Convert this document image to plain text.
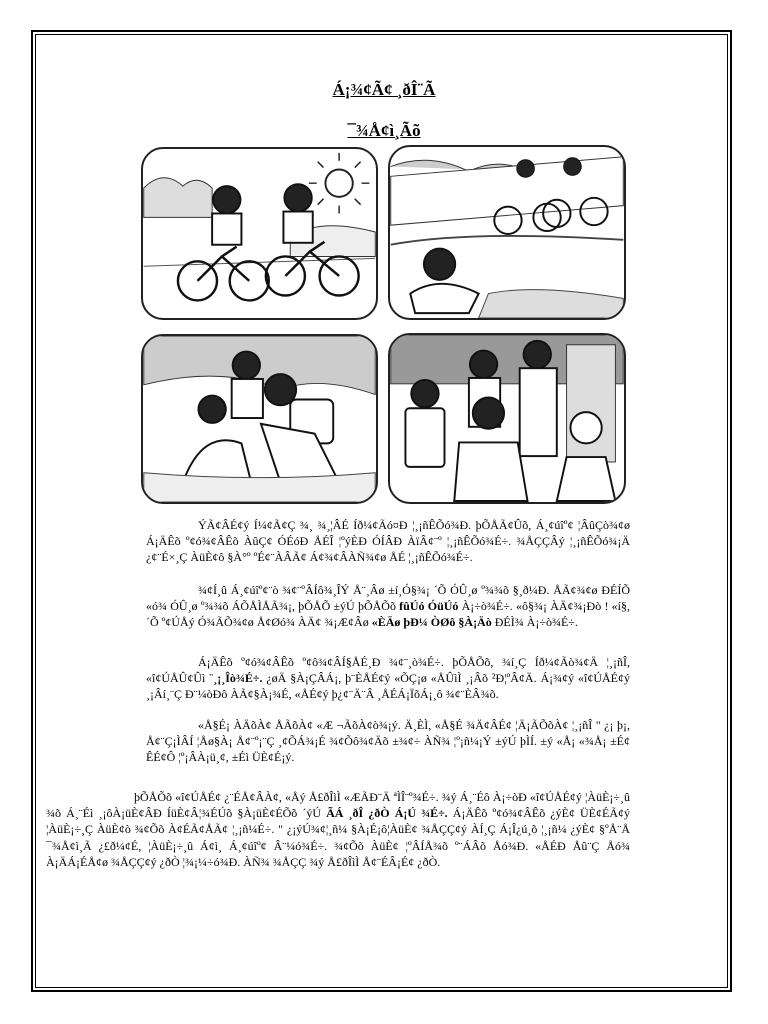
Á¡¾¢Ã¢ ¸ðÎ¨Ã
¯¾Å¢ì¸Ãõ

ÝÃ¢ÂÉ¢ý Í¼¢Ã¢Ç ¾¸ ¾¸¦ÂÉ Íð¼¢Ãó¤Ð ¦¸¡ñÊÕó¾Ð. þÕÅÃ¢Ûõ, Á¸¢úîº¢ ¦ÂûÇò¾¢ø Á¡ÄÊõ º¢ó¾¢ÂÊõ ÀûÇ¢ ÓÉóÐ ÅÉÎ ¦ºýÈÐ ÓÍÂÐ ÀïÂ¢¨º ¦¸¡ñÊÕó¾É÷. ¾ÅÇÇÂý ¦¸¡ñÊÕó¾¡Ä ¿¢¨É×¸Ç ÀüÈ¢ô §À°º ºÉ¢¨ÀÂÃ¢ Á¢¾¢ÂÀÑ¾¢ø ÅÉ ¦¸¡ñÊÕó¾É÷.

¾¢Í¸û Á¸¢úîº¢¨ò ¾¢¨ºÂÍô¾¸ÎÝ Å¨¸Âø ±í¸Ó§¾¡ ´Õ ÓÛ¸ø º¾¾õ §¸ð¼Ð. ÅÃ¢¾¢ø ÐÉÍÕ «ó¾ ÓÛ¸ø º¾¾õ ÁÕÅÌÅÃ¾¡, þÕÅÕ ±ýÚ þÕÅÕõ fûÚó ÓüÚó À¡÷ò¾É÷. «ô§¾¡ ÀÄ¢¾¡Ðò ! «í§, ´Õ º¢ÚÅý Ó¾ÃÕ¾¢ø Å¢Øó¾ ÀÄ¢ ¾¡Æ¢Âø «ÈÄø þÐ¼ ÒØô §À¡Äò ÐÉÌ¾ À¡÷ò¾É÷.

Á¡ÄÊõ º¢ó¾¢ÂÊõ º¢ô¾¢ÂÍ§ÅÉ¸Ð ¾¢¨¸ò¾É÷. þÕÅÕõ, ¾í¸Ç Íð¼¢Ãò¾¢Ä ¦¸¡ñÎ, «î¢ÚÅÛ¢Ûì ¨¸¡¸Îò¾É÷. ¿øÄ §À¡ÇÂÁ¡, þ¨ÈÅÉ¢ý «ÕÇ¡ø «ÅÛìÌ ¸¡Âõ ²Ð¦ºÂ¢Ä. Á¡¾¢ý «î¢ÚÅÉ¢ý ¸¡Âí¸¨Ç Ð¨¼òÐô ÀÃ¢§À¡¾É, «ÅÉ¢ý þ¿¢¨Ä¨Â ¸ÅÉÁ¡ÏõÁ¡¸ô ¾¢¨ÈÂ¾õ.

«Å§É¡ ÀÄõÀ¢ ÅÃõÀ¢ «Æ ¬ÃõÀ¢ò¾¡ý. Ä¸ÈÌ, «Å§É ¾Ä¢ÂÉ¢ ¦Ä¡ÃÕõÀ¢ ¦¸¡ñÎ " ¿¡ þ¡, Å¢¨Ç¡ÌÂÍ ¦Åø§À¡ Å¢¨º¡¨Ç ¸¢ÕÁ¾¡É ¾¢Õô¾¢Äõ ±¾¢÷ ÀÑ¾ ¦º¡ñ¼¡Ý ±ýÚ þÌÍ. ±ý «Å¡ «¾Å¡ ±É¢ ÊÉ¢Ô ¦º¡ÂÀ¡ü¸¢, ±Éì ÜÈ¢É¡ý.

þÕÅÕõ «î¢ÚÅÉ¢ ¿¨ÉÅ¢ÂÀ¢, «Åý Å£ðÎìÌ «ÆÃÐ¨Ä ªÌÎ¨º¾É÷. ¾ý Á¸¨Éô À¡÷òÐ «î¢ÚÅÉ¢ý ¦ÀüÈ¡÷¸û ¾õ Á¸¨Éì ¸¡ôÀ¡üÈ¢ÂÐ ÍüÈ¢Â¦¾ÉÚõ §À¡üÈ¢ÉÕõ ´ýÚ ÃÁ ¸ðÎ ¿ðÒ Á¡Ú ¾É÷. Á¡ÄÊõ º¢ó¾¢ÂÊõ ¿ýÈ¢ ÜÈ¢ÉÃ¢ý ¦ÀüÈ¡÷¸Ç ÀüÈ¢ò ¾¢Õõ À¢ÉÃ¢ÅÃ¢ ¦¸¡ñ¼É÷. " ¿¡ýÚ¾¢¦¸ñ¼ §À¡É¡ô¦ÀüÈ¢ ¾ÅÇÇ¢ý ÀÍ¸Ç Á¡Î¿ú¸õ ¦¸¡ñ¼ ¿ýÈ¢ §ºÅ¨Å ¯¾Å¢ì¸Ã ¿£ð¼¢É, ¦ÀüÈ¡÷¸û Á¢ì¸ Á¸¢úîº¢ Â¨¼ó¾É÷. ¾¢Õõ ÀüÈ¢ ¦ºÂÍÅ¾õ º¨ÁÂõ Åó¾Ð. «ÅÉÐ Åû¨Ç Åó¾ À¡ÄÁ¡ÉÅ¢ø ¾ÅÇÇ¢ý ¿ðÒ ¦¾¡¼÷ó¾Ð. ÀÑ¾ ¾ÅÇÇ ¾ý Å£ðÎìÌ Å¢¨ÉÂ¡É¢ ¿ðÒ.
